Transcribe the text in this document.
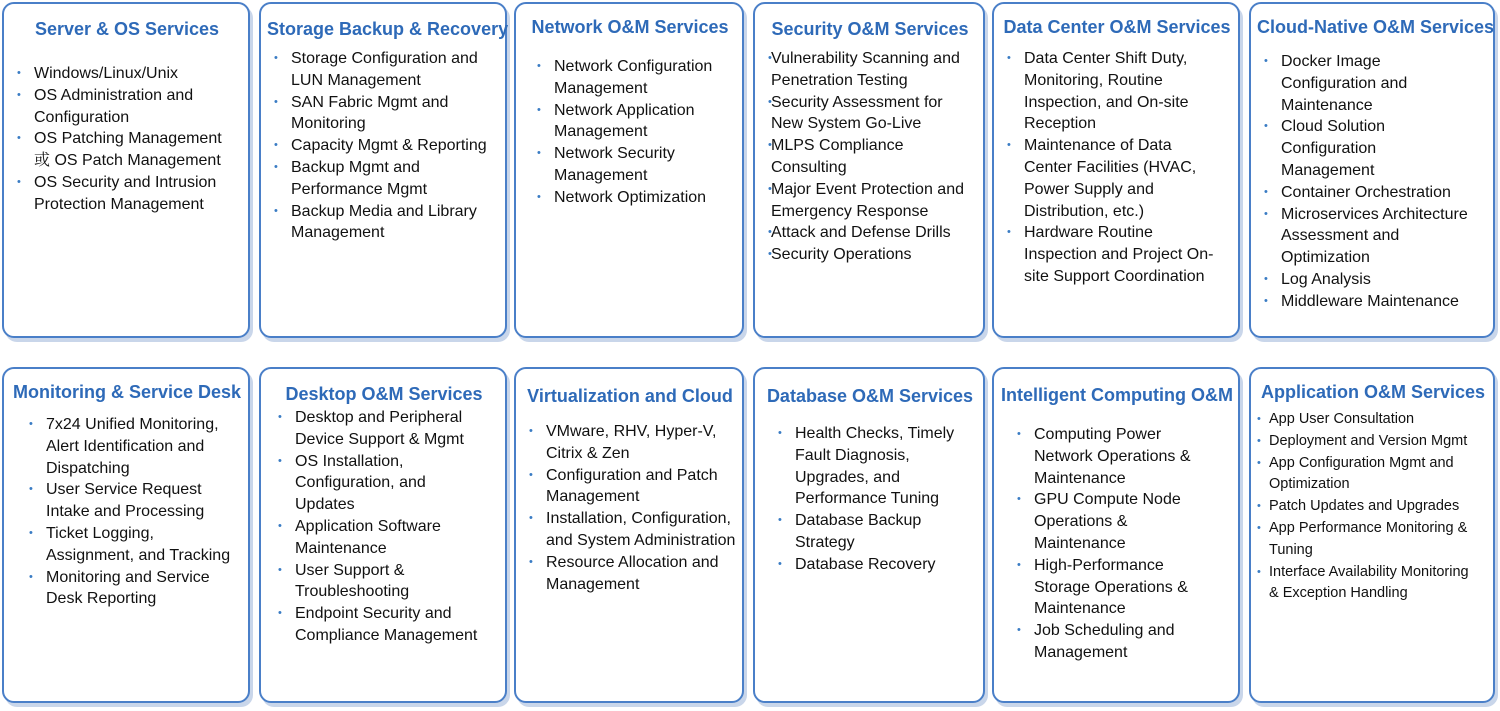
Server & OS Services
• Windows/Linux/Unix
• OS Administration and Configuration
• OS Patching Management 或 OS Patch Management
• OS Security and Intrusion Protection Management
Storage Backup & Recovery
• Storage Configuration and LUN Management
• SAN Fabric Mgmt and Monitoring
• Capacity Mgmt & Reporting
• Backup Mgmt and Performance Mgmt
• Backup Media and Library Management
Network O&M Services
• Network Configuration Management
• Network Application Management
• Network Security Management
• Network Optimization
Security O&M Services
• Vulnerability Scanning and Penetration Testing
• Security Assessment for New System Go-Live
• MLPS Compliance Consulting
• Major Event Protection and Emergency Response
• Attack and Defense Drills
• Security Operations
Data Center O&M Services
• Data Center Shift Duty, Monitoring, Routine Inspection, and On-site Reception
• Maintenance of Data Center Facilities (HVAC, Power Supply and Distribution, etc.)
• Hardware Routine Inspection and Project On-site Support Coordination
Cloud-Native O&M Services
• Docker Image Configuration and Maintenance
• Cloud Solution Configuration Management
• Container Orchestration
• Microservices Architecture Assessment and Optimization
• Log Analysis
• Middleware Maintenance
Monitoring & Service Desk
• 7x24 Unified Monitoring, Alert Identification and Dispatching
• User Service Request Intake and Processing
• Ticket Logging, Assignment, and Tracking
• Monitoring and Service Desk Reporting
Desktop O&M Services
• Desktop and Peripheral Device Support & Mgmt
• OS Installation, Configuration, and Updates
• Application Software Maintenance
• User Support & Troubleshooting
• Endpoint Security and Compliance Management
Virtualization and Cloud
• VMware, RHV, Hyper-V, Citrix & Zen
• Configuration and Patch Management
• Installation, Configuration, and System Administration
• Resource Allocation and Management
Database O&M Services
• Health Checks, Timely Fault Diagnosis, Upgrades, and Performance Tuning
• Database Backup Strategy
• Database Recovery
Intelligent Computing O&M
• Computing Power Network Operations & Maintenance
• GPU Compute Node Operations & Maintenance
• High-Performance Storage Operations & Maintenance
• Job Scheduling and Management
Application O&M Services
• App User Consultation
• Deployment and Version Mgmt
• App Configuration Mgmt and Optimization
• Patch Updates and Upgrades
• App Performance Monitoring & Tuning
• Interface Availability Monitoring & Exception Handling
